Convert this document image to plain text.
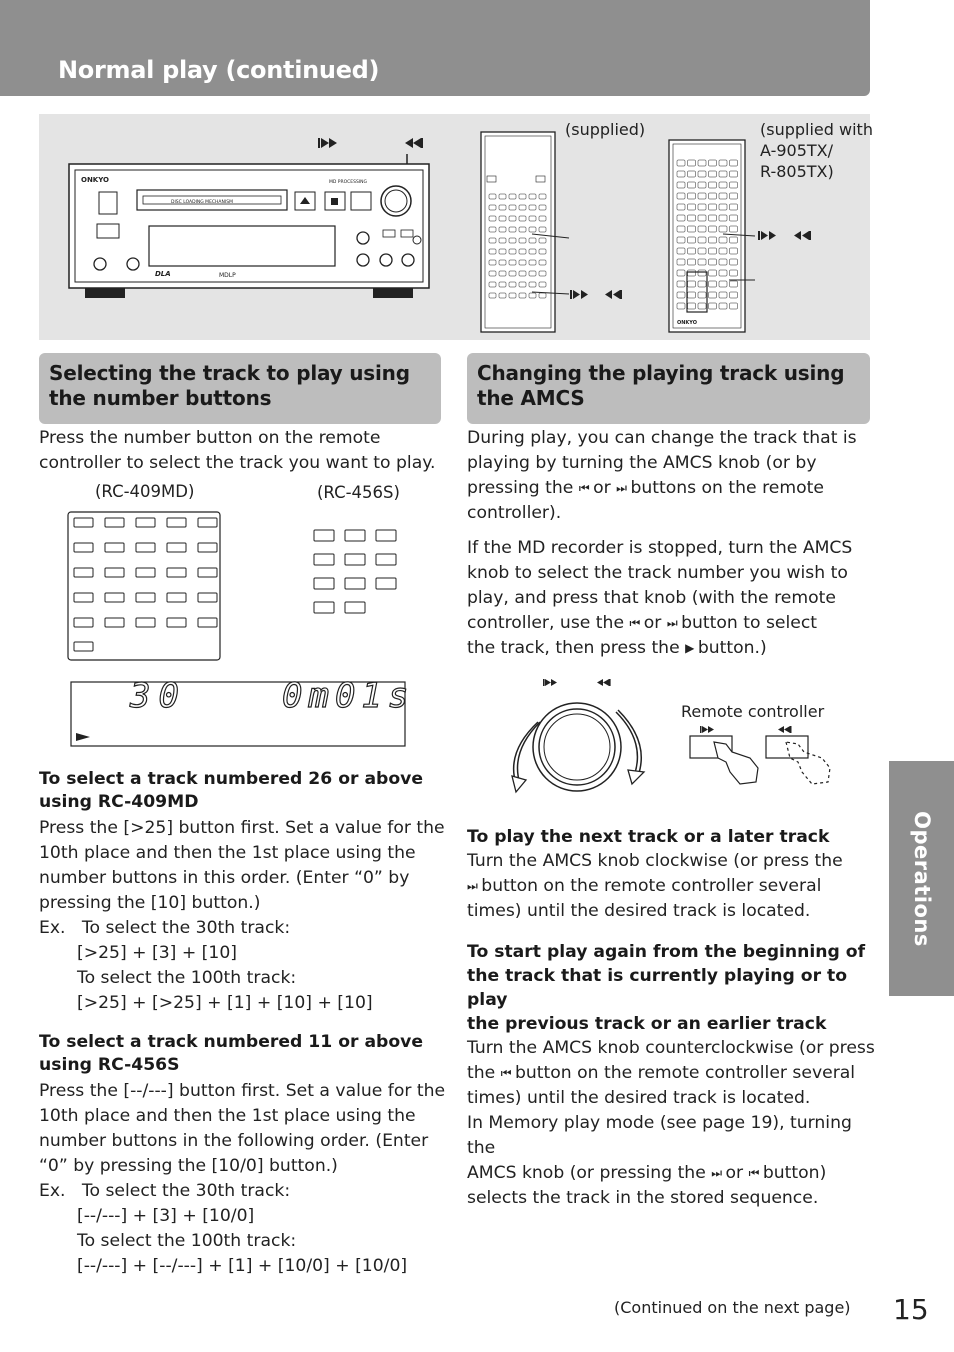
Normal play (continued)
ONKYO
DISC LOADING MECHANISM
MD PROCESSING
DLA	MDLP
ONKYO
(supplied)	(supplied with
A-905TX/
R-805TX)
Selecting the track to play using
the number buttons

Press the number button on the remote

controller to select the track you want to play.

(RC-409MD)	(RC-456S)
30	0m01s

To select a track numbered 26 or above

using RC-409MD

Press the [>25] button first. Set a value for the

10th place and then the 1st place using the

number buttons in this order. (Enter “0” by

pressing the [10] button.)

Ex.   To select the 30th track:

[>25] + [3] + [10]

To select the 100th track:

[>25] + [>25] + [1] + [10] + [10]

To select a track numbered 11 or above

using RC-456S

Press the [--/---] button first. Set a value for the

10th place and then the 1st place using the

number buttons in the following order. (Enter

“0” by pressing the [10/0] button.)

Ex.   To select the 30th track:

[--/---] + [3] + [10/0]

To select the 100th track:

[--/---] + [--/---] + [1] + [10/0] + [10/0]

Changing the playing track using
the AMCS

During play, you can change the track that is

playing by turning the AMCS knob (or by

pressing the ⏮ or ⏭ buttons on the remote

controller).

If the MD recorder is stopped, turn the AMCS

knob to select the track number you wish to

play, and press that knob (with the remote

controller, use the ⏮ or ⏭ button to select

the track, then press the ▶ button.)

Remote controller

To play the next track or a later track

Turn the AMCS knob clockwise (or press the

⏭ button on the remote controller several

times) until the desired track is located.

To start play again from the beginning of

the track that is currently playing or to play

the previous track or an earlier track

Turn the AMCS knob counterclockwise (or press

the ⏮ button on the remote controller several

times) until the desired track is located.

In Memory play mode (see page 19), turning the

AMCS knob (or pressing the ⏭ or ⏮ button)

selects the track in the stored sequence.

Operations
(Continued on the next page) 15
